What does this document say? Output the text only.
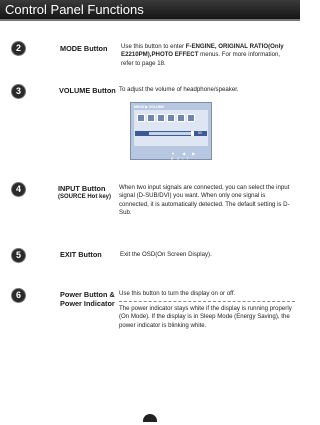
Control Panel Functions
2	MODE Button Use this button to enter F-ENGINE, ORIGINAL RATIO(Only E2210PM),PHOTO EFFECT menus. For more information, refer to page 18.
3	VOLUME Button To adjust the volume of headphone/speaker.
MENU ▶ VOLUME
50
▼ ◀ ▶ EXIT
4	INPUT Button
(SOURCE Hot key)
When two input signals are connected, you can select the input signal (D-SUB/DVI) you want. When only one signal is connected, it is automatically detected. The default setting is D-Sub.
5	EXIT Button	Exit the OSD(On Screen Display).
6	Power Button &
Power Indicator
Use this button to turn the display on or off.
The power indicator stays white if the display is running properly (On Mode). If the display is in Sleep Mode (Energy Saving), the power indicator is blinking white.
